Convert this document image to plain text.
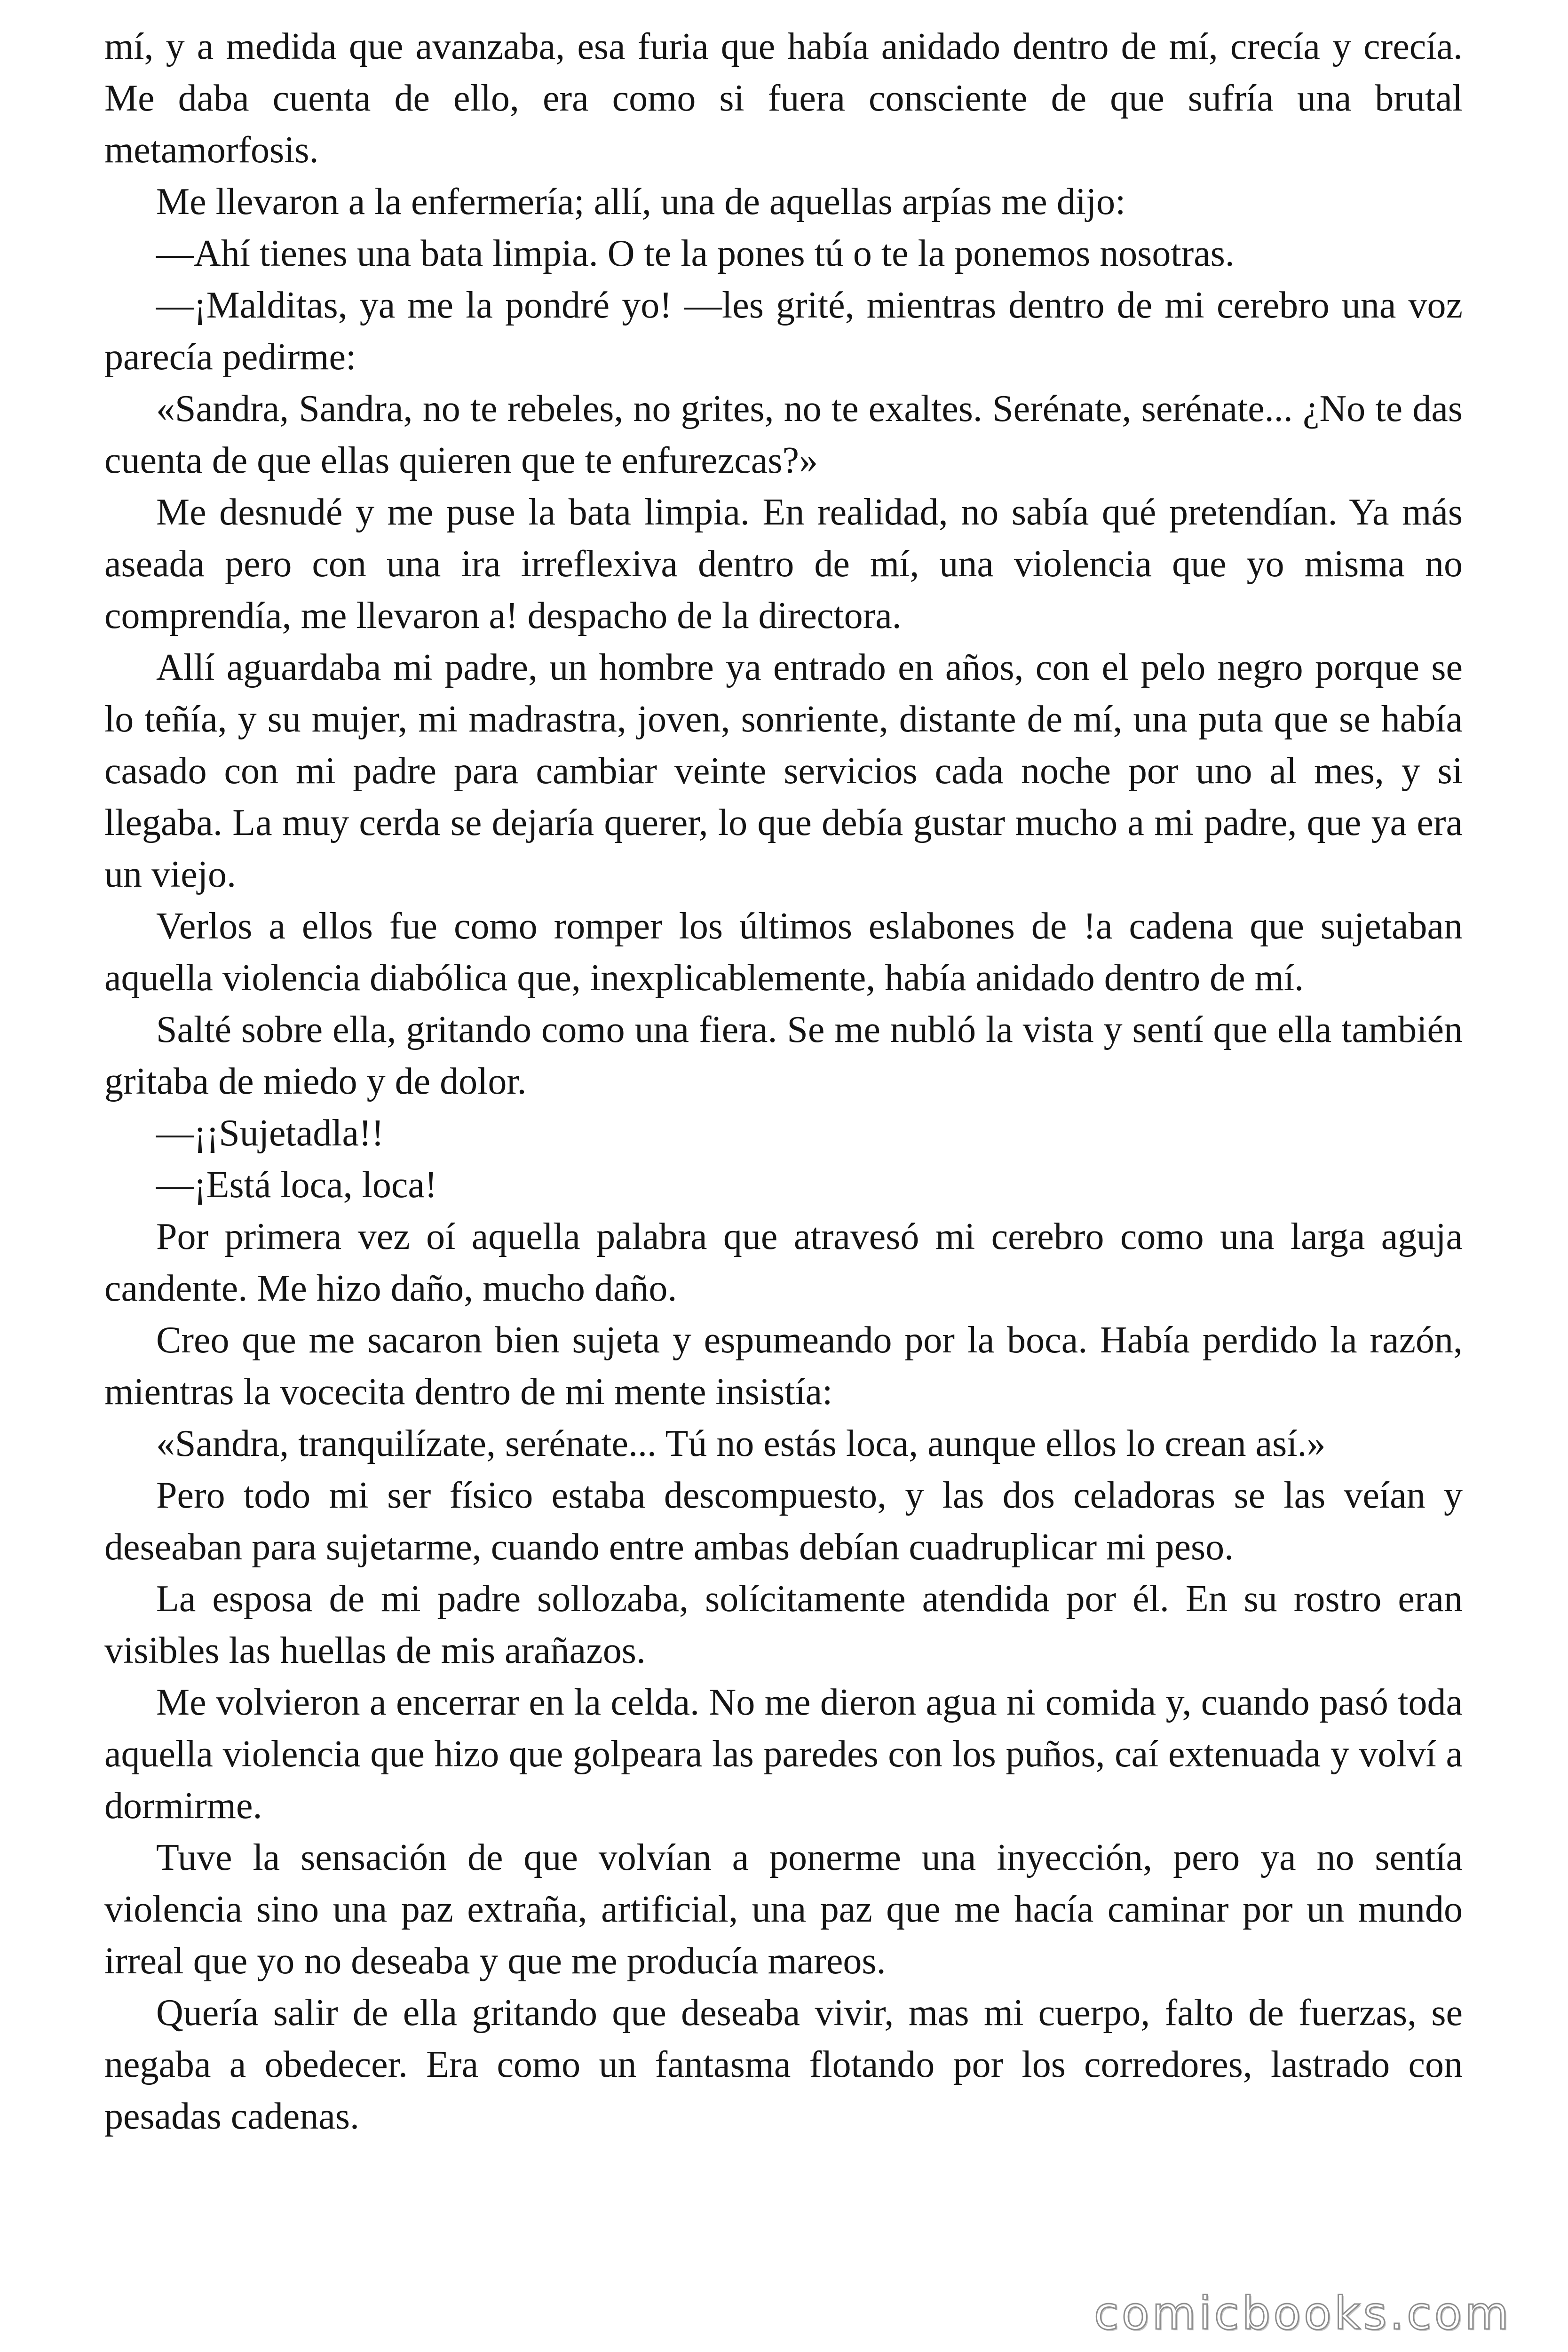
mí, y a medida que avanzaba, esa furia que había anidado dentro de mí, crecía y crecía. Me daba cuenta de ello, era como si fuera consciente de que sufría una brutal metamorfosis.

Me llevaron a la enfermería; allí, una de aquellas arpías me dijo:

—Ahí tienes una bata limpia. O te la pones tú o te la ponemos nosotras.

—¡Malditas, ya me la pondré yo! —les grité, mientras dentro de mi cerebro una voz parecía pedirme:

«Sandra, Sandra, no te rebeles, no grites, no te exaltes. Serénate, serénate... ¿No te das cuenta de que ellas quieren que te enfurezcas?»

Me desnudé y me puse la bata limpia. En realidad, no sabía qué pretendían. Ya más aseada pero con una ira irreflexiva dentro de mí, una violencia que yo misma no comprendía, me llevaron a! despacho de la directora.

Allí aguardaba mi padre, un hombre ya entrado en años, con el pelo negro porque se lo teñía, y su mujer, mi madrastra, joven, sonriente, distante de mí, una puta que se había casado con mi padre para cambiar veinte servicios cada noche por uno al mes, y si llegaba. La muy cerda se dejaría querer, lo que debía gustar mucho a mi padre, que ya era un viejo.

Verlos a ellos fue como romper los últimos eslabones de !a cadena que sujetaban aquella violencia diabólica que, inexplicablemente, había anidado dentro de mí.

Salté sobre ella, gritando como una fiera. Se me nubló la vista y sentí que ella también gritaba de miedo y de dolor.

—¡¡Sujetadla!!

—¡Está loca, loca!

Por primera vez oí aquella palabra que atravesó mi cerebro como una larga aguja candente. Me hizo daño, mucho daño.

Creo que me sacaron bien sujeta y espumeando por la boca. Había perdido la razón, mientras la vocecita dentro de mi mente insistía:

«Sandra, tranquilízate, serénate... Tú no estás loca, aunque ellos lo crean así.»

Pero todo mi ser físico estaba descompuesto, y las dos celadoras se las veían y deseaban para sujetarme, cuando entre ambas debían cuadruplicar mi peso.

La esposa de mi padre sollozaba, solícitamente atendida por él. En su rostro eran visibles las huellas de mis arañazos.

Me volvieron a encerrar en la celda. No me dieron agua ni comida y, cuando pasó toda aquella violencia que hizo que golpeara las paredes con los puños, caí extenuada y volví a dormirme.

Tuve la sensación de que volvían a ponerme una inyección, pero ya no sentía violencia sino una paz extraña, artificial, una paz que me hacía caminar por un mundo irreal que yo no deseaba y que me producía mareos.

Quería salir de ella gritando que deseaba vivir, mas mi cuerpo, falto de fuerzas, se negaba a obedecer. Era como un fantasma flotando por los corredores, lastrado con pesadas cadenas.

comicbooks.com
